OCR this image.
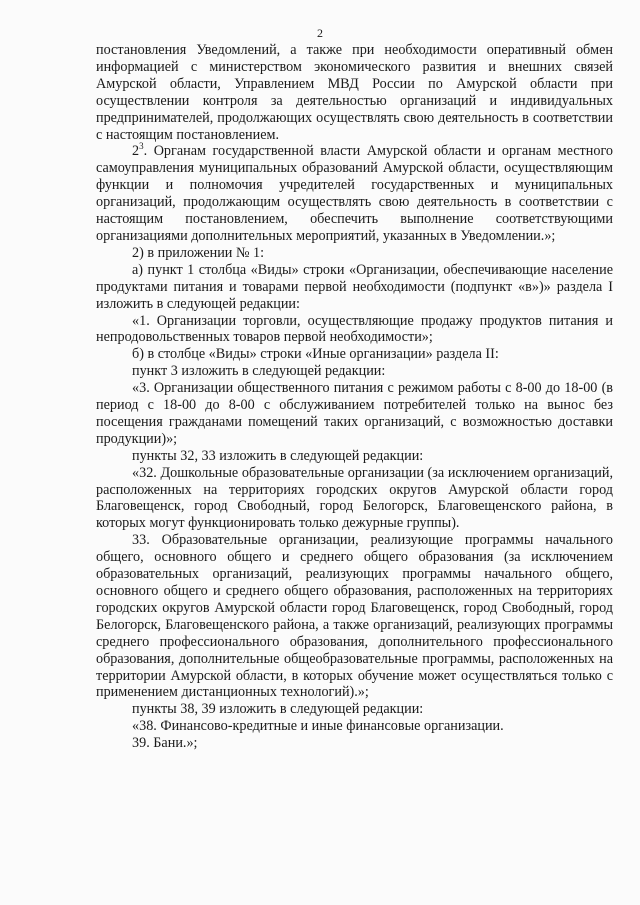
2

постановления Уведомлений, а также при необходимости оперативный обмен информацией с министерством экономического развития и внешних связей Амурской области, Управлением МВД России по Амурской области при осуществлении контроля за деятельностью организаций и индивидуальных предпринимателей, продолжающих осуществлять свою деятельность в соответствии с настоящим постановлением.

$2^3$. Органам государственной власти Амурской области и органам местного самоуправления муниципальных образований Амурской области, осуществляющим функции и полномочия учредителей государственных и муниципальных организаций, продолжающим осуществлять свою деятельность в соответствии с настоящим постановлением, обеспечить выполнение соответствующими организациями дополнительных мероприятий, указанных в Уведомлении.»;

2) в приложении № 1:

а) пункт 1 столбца «Виды» строки «Организации, обеспечивающие население продуктами питания и товарами первой необходимости (подпункт «в»)» раздела I изложить в следующей редакции:

«1. Организации торговли, осуществляющие продажу продуктов питания и непродовольственных товаров первой необходимости»;

б) в столбце «Виды» строки «Иные организации» раздела II:

пункт 3 изложить в следующей редакции:

«3. Организации общественного питания с режимом работы с 8-00 до 18-00 (в период с 18-00 до 8-00 с обслуживанием потребителей только на вынос без посещения гражданами помещений таких организаций, с возможностью доставки продукции)»;

пункты 32, 33 изложить в следующей редакции:

«32. Дошкольные образовательные организации (за исключением организаций, расположенных на территориях городских округов Амурской области город Благовещенск, город Свободный, город Белогорск, Благовещенского района, в которых могут функционировать только дежурные группы).

33. Образовательные организации, реализующие программы начального общего, основного общего и среднего общего образования (за исключением образовательных организаций, реализующих программы начального общего, основного общего и среднего общего образования, расположенных на территориях городских округов Амурской области город Благовещенск, город Свободный, город Белогорск, Благовещенского района, а также организаций, реализующих программы среднего профессионального образования, дополнительного профессионального образования, дополнительные общеобразовательные программы, расположенных на территории Амурской области, в которых обучение может осуществляться только с применением дистанционных технологий).»;

пункты 38, 39 изложить в следующей редакции:

«38. Финансово-кредитные и иные финансовые организации.

39. Бани.»;
